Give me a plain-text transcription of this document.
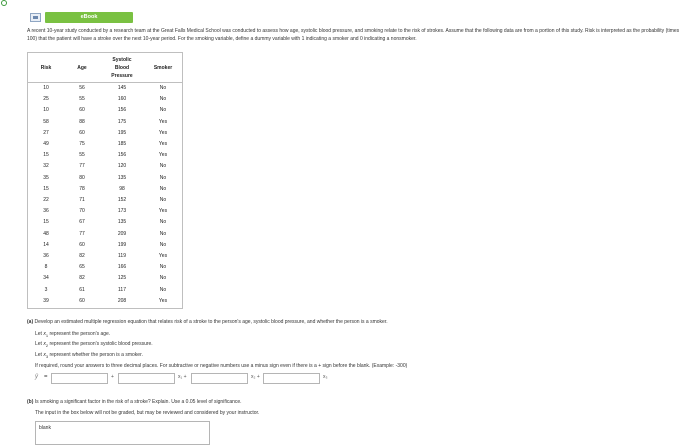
eBook
A recent 10-year study conducted by a research team at the Great Falls Medical School was conducted to assess how age, systolic blood pressure, and smoking relate to the risk of strokes. Assume that the following data are from a portion of this study. Risk is interpreted as the probability (times 100) that the patient will have a stroke over the next 10-year period. For the smoking variable, define a dummy variable with 1 indicating a smoker and 0 indicating a nonsmoker.
Risk	Age	Systolic
Blood
Pressure	Smoker
10	56	145	No
25	55	160	No
10	60	156	No
58	88	175	Yes
27	60	195	Yes
49	75	185	Yes
15	55	156	Yes
32	77	120	No
35	80	135	No
15	78	98	No
22	71	152	No
36	70	173	Yes
15	67	135	No
48	77	209	No
14	60	199	No
36	82	119	Yes
8	65	166	No
34	82	125	No
3	61	117	No
39	60	208	Yes
(a) Develop an estimated multiple regression equation that relates risk of a stroke to the person's age, systolic blood pressure, and whether the person is a smoker.
Let $x_1$ represent the person's age.
Let $x_2$ represent the person's systolic blood pressure.
Let $x_3$ represent whether the person is a smoker.
If required, round your answers to three decimal places. For subtractive or negative numbers use a minus sign even if there is a + sign before the blank. (Example: -300)
ŷ =	+	x₁ +	x₂ +	x₃
(b) Is smoking a significant factor in the risk of a stroke? Explain. Use a 0.05 level of significance.
The input in the box below will not be graded, but may be reviewed and considered by your instructor.
blank
